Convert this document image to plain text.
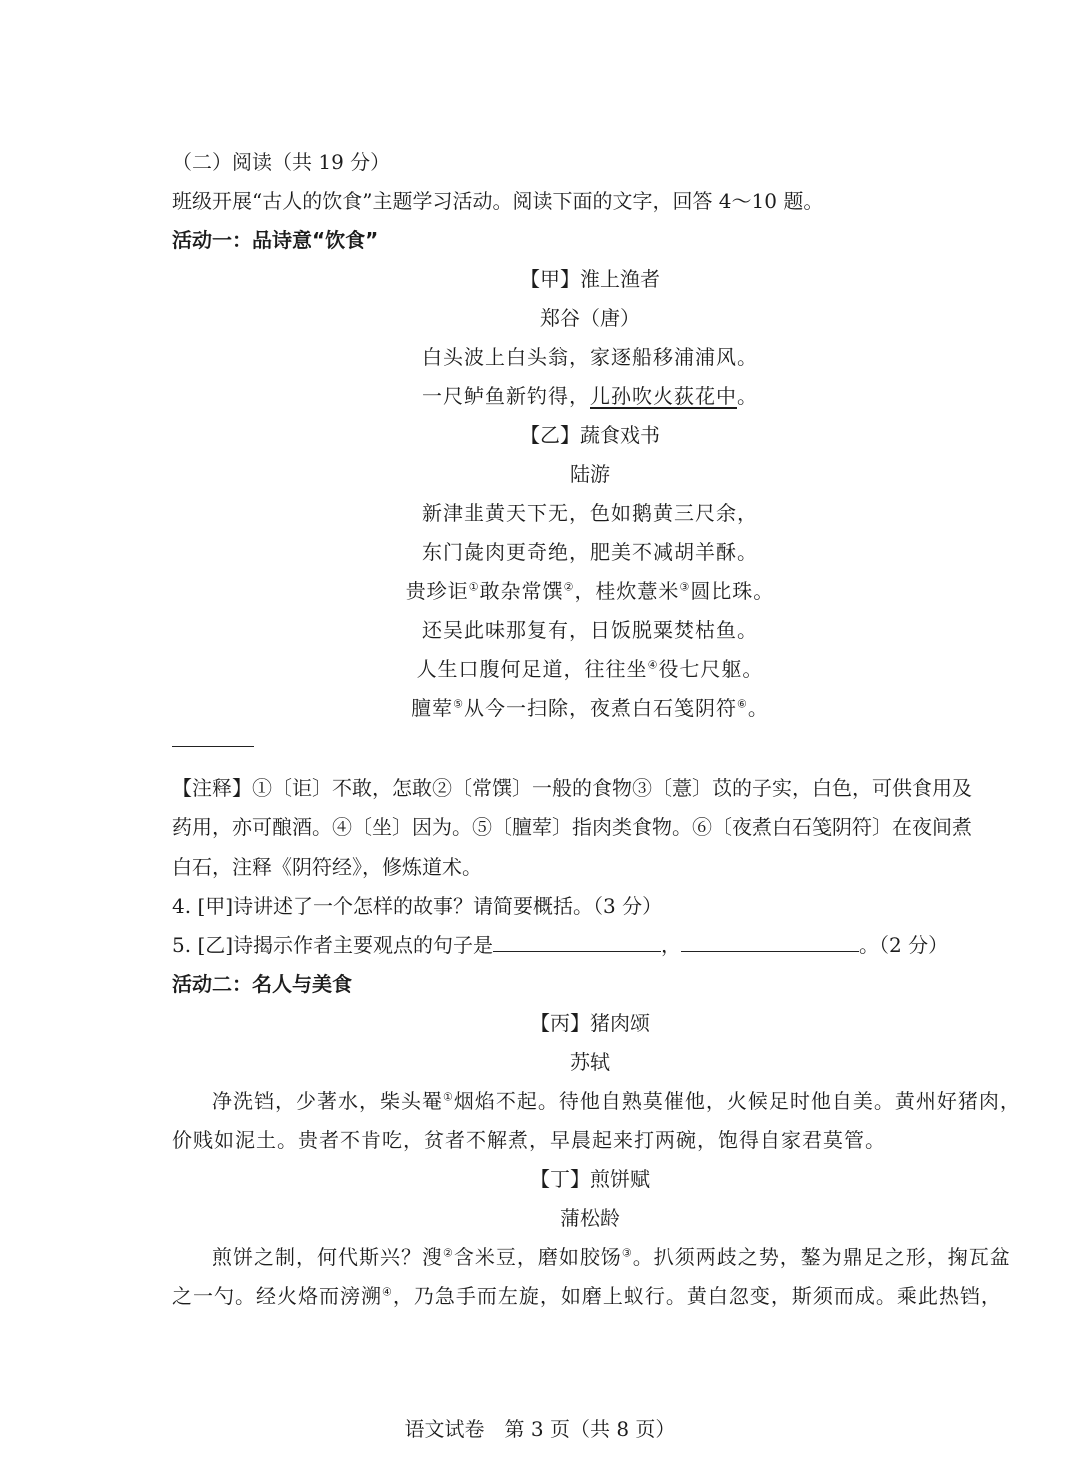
（二）阅读（共 19 分）
班级开展“古人的饮食”主题学习活动。阅读下面的文字，回答 4～10 题。
活动一：品诗意“饮食”
【甲】淮上渔者
郑谷（唐）
白头波上白头翁，家逐船移浦浦风。
一尺鲈鱼新钓得，儿孙吹火荻花中。
【乙】蔬食戏书
陆游
新津韭黄天下无，色如鹅黄三尺余，
东门彘肉更奇绝，肥美不减胡羊酥。
贵珍讵①敢杂常馔②，桂炊薏米③圆比珠。
还吴此味那复有，日饭脱粟焚枯鱼。
人生口腹何足道，往往坐④役七尺躯。
膻荤⑤从今一扫除，夜煮白石笺阴符⑥。
【注释】①〔讵〕不敢，怎敢②〔常馔〕一般的食物③〔薏〕苡的子实，白色，可供食用及
药用，亦可酿酒。④〔坐〕因为。⑤〔膻荤〕指肉类食物。⑥〔夜煮白石笺阴符〕在夜间煮
白石，注释《阴符经》，修炼道术。
4. [甲]诗讲述了一个怎样的故事？请简要概括。（3 分）
5. [乙]诗揭示作者主要观点的句子是	，	。（2 分）
活动二：名人与美食
【丙】猪肉颂
苏轼
净洗铛，少著水，柴头罨①烟焰不起。待他自熟莫催他，火候足时他自美。黄州好猪肉，
价贱如泥土。贵者不肯吃，贫者不解煮，早晨起来打两碗，饱得自家君莫管。
【丁】煎饼赋
蒲松龄
煎饼之制，何代斯兴？溲②含米豆，磨如胶饧③。扒须两歧之势，鏊为鼎足之形，掬瓦盆
之一勺。经火烙而滂溯④，乃急手而左旋，如磨上蚁行。黄白忽变，斯须而成。乘此热铛，
语文试卷　第 3 页（共 8 页）
